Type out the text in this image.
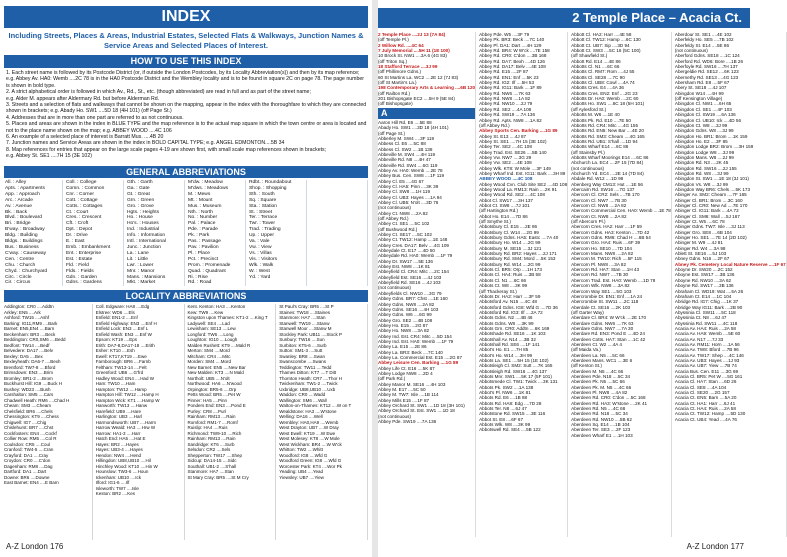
INDEX
Including Streets, Places & Areas, Industrial Estates, Selected Flats & Walkways, Junction Names & Service Areas and Selected Places of Interest.
HOW TO USE THIS INDEX
1. Each street name is followed by its Postcode District (or, if outside the London Postcodes, by its Locality Abbreviation(s)) and then by its map reference;
e.g. Abbey Av. HA0: Wemb ....2C 78 is in the HA0 Postcode District and the Wembley locality and is to be found in square 2C on page 78. The page number
is shown in bold type.
2. A strict alphabetical order is followed in which Av., Rd., St., etc. (though abbreviated) are read in full and as part of the street name;
e.g. Alder M. appears after Aldermary Rd. but before Alderman Rd.
3. Streets and a selection of flats and walkways that cannot be shown on the mapping, appear in the index with the thoroughfare to which they are connected
shown in brackets; e.g. Abady Ho. SW1 ....5D 18 (4H 101) (off Page St.)
4. Addresses that are in more than one part are referred to as not continuous.
5. Places and areas are shown in the index in BLUE TYPE and the map reference is to the actual map square in which the town centre or area is located and
not to the place name shown on the map; e.g. ABBEY WOOD ....4C 106
6. An example of a selected place of interest is Barratt Mus. ....4B 20
7. Junction names and Service Areas are shown in the index in BOLD CAPITAL TYPE; e.g. ANGEL EDMONTON....5B 34
8. Map references for entries that appear on the large scale pages 4-19 are shown first, with small scale map references shown in brackets;
e.g. Abbey St. SE1 ....7H 15 (3E 102)
GENERAL ABBREVIATIONS
All. : Alley
Apts. : Apartments
App. : Approach
Arc. : Arcade
Av. : Avenue
Bk. : Back
Blvd. : Boulevard
Bri. : Bridge
B'way. : Broadway
Bldg. : Building
Bldgs. : Buildings
Bus. : Business
C'way. : Causeway
Cen. : Centre
Chu. : Church
Chyd. : Churchyard
Circ. : Circle
Cir. : Circus
Coll. : College
Comn. : Common
Cnr. : Corner
Cott. : Cottage
Cotts. : Cottages
Ct. : Court
Cres. : Crescent
Cft. : Croft
Dpt. : Depot
Dr. : Drive
E. : East
Emb. : Embankment
Ent. : Enterprise
Est. : Estate
Fld. : Field
Flds. : Fields
Gdn. : Garden
Gdns. : Gardens
Gth. : Garth
Ga. : Gate
Gt. : Great
Grn. : Green
Gro. : Grove
Hgts. : Heights
Ho. : House
Ho's. : Houses
Ind. : Industrial
Info. : Information
Intl. : International
Junc. : Junction
La. : Lane
Lit. : Little
Lwr. : Lower
Mnr. : Manor
Mans. : Mansions
Mkt. : Market
M'dw. : Meadow
M'dws. : Meadows
M. : Mews
Mt. : Mount
Mus. : Museum
Nth. : North
No. : Number
Pal. : Palace
Pde. : Parade
Pk. : Park
Pas. : Passage
Pav. : Pavilion
Pl. : Place
Pct. : Precinct
Prom. : Promenade
Quad. : Quadrant
Ri. : Rise
Rd. : Road
Rdbt. : Roundabout
Shop. : Shopping
Sth. : South
Sq. : Square
Sta. : Station
St. : Street
Ter. : Terrace
Twr. : Tower
Trad. : Trading
Up. : Upper
Va. : Vale
Vw. : View
Vs. : Villas
Vis. : Visitors
Wlk. : Walk
W. : West
Yd. : Yard
LOCALITY ABBREVIATIONS
Addington: CR0 ....Addtn
Arkley: EN5 ....Ark
Ashford: TW15 ....Ashf
Barking: IG11,RM9 ....Bark
Barnet: EN5,EN4 ....Barn
Beckenham: BR3 ....Beck
Beddington: CR0,SM6 ....Bedd
Bedfont: TW14 ....Bedf
Belvedere: DA17 ....Belv
Bexley: DA5 ....Bex
Bexleyheath: DA6-7 ....Bexh
Brentford: TW7-8 ....Bford
Brimsdown: EN3 ....Brim
Bromley: BR1-2 ....Brom
Buckhurst Hill: IG9 ....Buck H
Bushey: WD23 ....Bush
Carshalton: SM5 ....Cars
Chadwell Heath: RM6 ....Chad H
Cheam: SM3 ....Cheam
Chelsfield: BR6 ....Chels
Chessington: KT9 ....Chess
Chigwell: IG7 ....Chig
Chislehurst: BR7 ....Chst
Cockfosters: EN4 ....Cockf
Collier Row: RM5 ....Col R
Coulsdon: CR5 ....Coul
Cranford: TW4-5 ....Cran
Crayford: DA1 ....Cray
Croydon: CR0 ....C'don
Dagenham: RM8 ....Dag
Dartford: DA1 ....Dart
Downe: BR6 ....Downe
East Barnet: EN4 ....E Barn
Coll. Edgware: HA8 ....Edg
Elstree: WD6 ....Els
Enfield: EN1-2 ....Enf
Enfield Highway: EN3 ....Enf H
Enfield Lock: EN3 ....Enf L
Enfield Wash: EN3 ....Enf W
Epsom: KT19 ....Eps
Erith: DA7-8,DA17-18 ....Erith
Esher: KT10 ....Esh
Ewell: KT17,KT19 ....Ewe
Farnborough: BR6 ....Farnb
Feltham: TW13-14 ....Felt
Greenford: UB6 ....G'frd
Hadley Wood: EN4 ....Had W
Ham: TW10 ....Ham
Hampton: TW12 ....Hamp
Hampton Hill: TW12 ....Hamp H
Hampton Wick: KT1 ....Hamp W
Hanworth: TW13 ....Hanw
Harefield: UB9 ....Hare
Harlington: UB3 ....Harl
Harmondsworth: UB7 ....Harm
Harrow Weald: HA3 ....Hrw W
Harrow: HA1-3 ....Harr
Hatch End: HA5 ....Hat E
Hayes: BR2 ....Hayes
Hayes: UB3-4 ....Hayes
Hendon: NW4 ....Hend
Hillingdon: UB8,UB10 ....Hil
Hinchley Wood: KT10 ....Hin W
Hounslow: TW3-6 ....Houn
Ickenham: UB10 ....Ick
Ilford: IG1-6 ....Ilf
Isleworth: TW7 ....Isle
Keston: BR2 ....Kes
Kent. Kenton: HA3 ....Kenton
Kew: TW9 ....Kew
Kingston upon Thames: KT1-2 ....King T
Ladywell: SE4 ....Lad
Lewisham: SE13 ....Lew
Longford: TW6 ....Long
Loughton: IG10 ....Lough
Malden Rushett: KT9 ....Mald R
Merton: SM4 ....Mord
Mitcham: CR4 ....Mitc
Morden: SM4 ....Mord
New Barnet: EN5 ....New Bar
New Malden: KT3 ....N Mald
Northolt: UB5 ....N'olt
Northwood: HA6 ....N'wood
Orpington: BR5-6 ....Orp
Petts Wood: BR5 ....Pet W
Pinner: HA5 ....Pinn
Ponders End: EN3 ....Pond E
Purley: CR8 ....Purl
Rainham: RM13 ....Rain
Romford: RM1-7 ....Romf
Ruislip: HA4 ....Ruis
Richmond: TW9-10 ....Rich
Rainham: RM13 ....Rain
Sandridge: KT6 ....Surb
Selsdon: CR2 ....Sels
Shepperton: TW17 ....Shep
Sidcup: DA14-15 ....Sidc
Southall: UB1-2 ....S'hall
Stanmore: HA7 ....Stan
St Mary Cray: BR5 ....St M Cry
St Paul's Cray: BR5 ....St P
Staines: TW18 ....Staines
Stanmore: HA7 ....Stan
Stanwell: TW19 ....Stanw
Stanwell Moor ....Stanw M
Stockley Park: UB11 ....Stock P
Sunbury: TW16 ....Sun
Surbiton: KT5-6 ....Surb
Sutton: SM1-3 ....Sutt
Swanley: BR8 ....Swan
Swanscombe ....Swans
Teddington: TW11 ....Tedd
Thames Ditton: KT7 ....T Ditt
Thornton Heath: CR7 ....Thor H
Twickenham: TW1-2 ....Twick
Uxbridge: UB8,UB10 ....Uxb
Waddon: CR0 ....Wadd
Wallington: SM6 ....Wall
Walton-on-Thames: KT12 ....W on T
Wealdstone: HA3 ....W'stone
Welling: DA16 ....Well
Wembley: HA0,HA9 ....Wemb
West Drayton: UB7 ....W Dray
West Ewell: KT19 ....W Ewe
West Molesey: KT8 ....W Mole
West Wickham: BR4 ....W W'ck
Whitton: TW2 ....Whitt
Woodford: IG8 ....Wfd G
Woodford Green: IG8 ....Wfd G
Worcester Park: KT4 ....Wor Pk
Yeading: UB4 ....Yead
Yiewsley: UB7 ....Yiew
A-Z London 176
2 Temple Place – Acacia Ct.
2 Temple Place ....2J 13 (7A 84)
(off Temple Pl.)
2 Willow Rd. ....4C 64
7 July Memorial ....5H 11 (1E 100)
10 Brock St. NW1 ....3A 6 (4G 83)
(off Triton Sq.)
18 Stafford Terrace ....3J 99
(off Phillimore Gdns.)
60 St Martins La. WC2 ....2E 12 (7J 83)
(off St Martin's La.)
198 Contemporary Arts & Learning ....6B 120
(off Railton Rd.)
201 Bishopsgate EC2 ....5H 9 (5E 84)
(off Bishopsgate)
A
Aaron Hill Rd. E6 ....5E 88
Abady Ho. SW1 ....3D 18 (4H 101)
(off Page St.)
Abberley M. SW4 ....3F 119
Abbess Cl. E6 ....5C 88
Abbess Cl. SW2 ....1B 138
Abbeville M. SW4 ....4H 119
Abbeville Rd. N8 ....4H 47
Abbeville Rd. SW4 ....6G 119
Abbey Av. HA0: Wemb ....2E 78
Abbey Bus. Cen. SW8 ....1F 119
Abbey Cl. E5 ....4G 67
Abbey Cl. HA5: Pinn ....3K 39
Abbey Cl. SW8 ....1H 119
Abbey Cl. UB3: Hayes ....1A 94
Abbey Cl. UB5: N'olt ....3D 76
(not continuous)
Abbey Ct. NW8 ....2A 82
(off Abbey Rd.)
Abbey Ct. SE1 ....5C 102
(off Bushwood Rd.)
Abbey Ct. SE17 ....5C 102
Abbey Ct. TW12: Hamp ....1E 148
Abbey Cres. DA17: Belv ....4G 109
Abbeydale Ct. E17 ....4D 50
Abbeydale Rd. HA0: Wemb ....1F 79
Abbey Dr. SW17 ....5E 136
Abbey Est. NW8 ....1K 81
Abbeyfield Cl. CR4: Mitc ....2C 154
Abbeyfield Est. SE16 ....4J 103
Abbeyfield Rd. SE16 ....4J 103
(not continuous)
Abbeyfields Cl. NW10 ....3G 79
Abbey Gdns. BR7: Chst ....1E 160
Abbey Gdns. NW8 ....2A 82
Abbey Gdns. SE16 ....4H 103
Abbey Gdns. W6 ....6G 99
Abbey Gro. SE2 ....4B 108
Abbey Ho. E15 ....2G 87
Abbey Ho. NW8 ....3A 82
Abbey Ind. Est. CR4: Mitc ....5D 154
Abbey Ind. Est. HA0: Wemb ....1F 79
Abbey La. E15 ....2E 86
Abbey La. BR3: Beck ....7C 140
Abbey La. Commercial Est. E15 ....2G 87
Abbey Leisure Cen. Barking ....1G 89
Abbey Life Ct. E16 ....5K 87
Abbey Lodge NW8 ....2D 4
(off Park Rd.)
Abbey Manor M. SE16 ....4H 103
Abbey M. E17 ....5C 50
Abbey M. TW7: Isle ....1B 114
Abbey Mills E15 ....1F 87
Abbey Orchard St. SW1 ....1D 18 (3H 101)
Abbey Orchard St. Est. SW1 ....1D 18
(not continuous)
Abbey Pde. SW19 ....7A 136
Abbey Pde. W5 ....3F 79
Abbey Pk. BR3: Beck ....7C 140
Abbey Pl. DA1: Dart ....4H 129
Abbey Rd. BR4: W W'ck ....7E 158
Abbey Rd. CR0: C'don ....3B 168
Abbey Rd. DA7: Bexh ....4D 126
Abbey Rd. DA17: Belv ....4E 108
Abbey Rd. E15 ....2F 87
Abbey Rd. EN1: Enf ....5K 23
Abbey Rd. IG2: Ilf ....5H 53
Abbey Rd. IG11: Bark ....1F 89
Abbey Rd. NW6 ....7K 63
Abbey Rd. NW8 ....1A 82
Abbey Rd. NW10 ....2J 79
Abbey Rd. SE2 ....4A 108
Abbey Rd. SW19 ....7A 136
Abbey Rd. Apts. NW8 ....1A 82
(off Abbey Rd.)
Abbey Sports Cen. Barking ....1G 89
Abbey St. E13 ....4J 87
Abbey St. SE1 ....7H 15 (3E 102)
Abbey Ter. SE2 ....4C 108
Abbey Trad. Est. SE26 ....5B 140
Abbey Vw. NW7 ....3G 29
Abbey Vw. SE2 ....4E 108
Abbey Wlk. KT8: W Mole ....3F 149
Abbey Wharf Ind. Est. IG11: Bark ....3H 89
ABBEY WOOD ....4C 108
Abbey Wood Cvn. Club Site SE2 ....4D 108
Abbey Wood La. RM13: Rain ....2K 91
Abbey Wood Rd. SE2 ....4C 108
Abbot Cl. SW17 ....3H 137
Abbot Ct. SW8 ....7J 101
(off Hartington Rd.)
Abbot Ho. E14 ....7D 86
(off Smythe St.)
Abbotsbury Cl. E15 ....2E 86
Abbotsbury Cl. W14 ....2G 99
Abbotsbury Gdns. HA5: Eastc ....7A 40
Abbotsbury Ho. W14 ....2G 99
Abbotsbury M. SE15 ....3J 121
Abbotsbury Rd. BR2: Hayes ....2J 171
Abbotsbury Rd. SM4: Mord ....5K 153
Abbotsbury Rd. W14 ....2G 99
Abbots Cl. BR5: Orp ....1H 173
Abbots Cl. HA4: Ruis ....3B 58
Abbots Cl. N1 ....6C 66
Abbots Ct. W8 ....3K 99
(off Thackeray St.)
Abbots Dr. HA2: Harr ....3F 59
Abbotsford Av. N15 ....4C 48
Abbotsford Gdns. IG8: Wfd G ....7D 36
Abbotsford Rd. IG3: Ilf ....2A 72
Abbots Gdns. N2 ....4B 46
Abbots Gdns. W8 ....3K 99
Abbots Grn. CR0: Addtn ....6K 169
Abbotshade Rd. SE16 ....1K 103
Abbotshall Av. N14 ....3B 32
Abbotshall Rd. SE6 ....1F 141
Abbot's Ho. E1 ....7H 85
Abbot's Ho. W14 ....3H 99
Abbots La. SE1 ....5H 15 (1E 102)
Abbotsleigh Cl. SM2: Sutt ....7K 165
Abbotsleigh Rd. SW16 ....4G 137
Abbots Mnr. SW1 ....5K 17 (5F 101)
Abbotsmede Cl. TW1: Twick ....3K 131
Abbots Pk. SW2 ....1A 138
Abbot's Pl. NW6 ....1K 81
Abbots Rd. E6 ....1B 88
Abbots Rd. HA8: Edg ....7D 28
Abbots Ter. N8 ....6J 47
Abbotstone Rd. SW15 ....3E 116
Abbot St. E8 ....6F 67
Abbots Wlk. W8 ....3K 99
Abbotswell Rd. SE4 ....5B 122
Abbott Cl. HA2: Harr ....4E 58
Abbott Cl. TW12: Hamp ....6C 130
Abbott Ct. UB7: Sip ....3D 94
Abbott Ct. SW3 ....5C 16 (5C 100)
(off Shawfield St.)
Abbott Rd. E14 ....4E 86
Abbotts Cl. N1 ....6C 66
Abbotts Cl. RM7: Rom ....4J 55
Abbotts Cl. SE28 ....7C 90
Abbotts Cl. UB8: Cowl ....4A 74
Abbotts Cres. E4 ....4A 36
Abbotts Cres. EN2: Enf ....2G 23
Abbotts Dr. HA0: Wemb ....2C 60
Abbotts Ho. SW1 ....6C 18 (5H 101)
(off Aylesford St.)
Abbotts M. W6 ....1E 40
Abbotts Pk. Rd. E10 ....7E 50
Abbotts Rd. CR4: Mitc ....4G 155
Abbotts Rd. EN5: New Bar ....4E 20
Abbotts Rd. SM3: Cheam ....4G 165
Abbotts Rd. UB1: S'hall ....1D 94
Abbotts Wharf E14 ....6C 86
(off Stainsby Pl.)
Abbotts Wharf Moorings E14 ....6C 86
Abchurch La. EC4 ....2F 15 (7D 84)
(not continuous)
Abchurch Yd. EC4 ....2E 14 (7D 84)
Abdale Rd. W12 ....1D 98
Abenberg Way CM13: Hut ....1E 56
Abercairn Rd. SW16 ....7G 137
Abercorn Cl. CR2: Sels ....7B 170
Abercorn Cl. NW7 ....7B 30
Abercorn Cl. NW8 ....2A 82
Abercorn Commercial Cen. HA0: Wemb ....1E 78
Abercorn Ct. NW8 ....2A 82
(off Abercorn Pl.)
Abercorn Cres. HA2: Harr ....1F 59
Abercorn Gdns. HA3: Kenton ....7D 42
Abercorn Gdns. RM6: Chad H ....6B 54
Abercorn Gro. HA4: Ruis ....6F 39
Abercorn Ho. SE10 ....7D 104
Abercorn Mans. NW8 ....2A 82
Abercorn M. TW10: Rich ....5F 115
Abercorn Pl. NW8 ....3A 82
Abercorn Rd. HA7: Stan ....1H 43
Abercorn Rd. NW7 ....7B 30
Abercorn Trad. Est. HA0: Wemb ....1D 78
Abercorn Wlk. NW8 ....3A 82
Abercorn Way SE1 ....5G 103
Abercrombie Dr. EN1: Enf ....1A 24
Abercrombie St. SW11 ....2C 118
Aberdale Ct. SE16 ....2K 103
(off Garter Way)
Aberdare Cl. BR4: W W'ck ....2E 170
Aberdare Gdns. NW6 ....7K 63
Aberdare Gdns. NW7 ....7A 30
Aberdare Rd. EN3: Pond E ....4D 24
Aberdeen Cotts. HA7: Stan ....1C 42
Aberdeen Ct. W2 ....4A 4
(off Maida Va.)
Aberdeen La. N5 ....5C 66
Aberdeen Mans. WC1 ....3E 6
(off Kenton St.)
Aberdeen M. N5 ....4C 66
Aberdeen Pde. N18 ....5C 34
Aberdeen Pk. N5 ....5C 66
Aberdeen Pk. M. N5 ....4C 66
Aberdeen Pl. NW8 ....4A 82
Aberdeen Rd. CR0: C'don ....5C 168
Aberdeen Rd. HA3: W'stone ....2K 41
Aberdeen Rd. N5 ....4C 66
Aberdeen Rd. N18 ....5C 34
Aberdeen Rd. NW10 ....5B 62
Aberdeen Sq. E14 ....1B 104
Aberdeen Ter. SE3 ....2F 123
Aberdeen Wharf E1 ....1H 103
Aberdour St. SE1 ....4E 102
Aberfeldy Ho. SE5 ....7B 102
Aberfeldy St. E14 ....5E 86
(not continuous)
Aberford Gdns. SE18 ....1C 124
Aberford Rd. WD6: Bore ....1B 26
Aberfoyle Rd. SW16 ....7H 137
Abergeldie Rd. SE12 ....6K 123
Abernethy Rd. SE13 ....4G 123
Abersham Rd. E8 ....5F 67
Abery St. SE18 ....4J 107
Abingdon W14 ....4H 99
(off Kensington Village)
Abingdon Cl. NW1 ....6H 65
Abingdon Cl. SE1 ....4F 103
Abingdon Cl. SW19 ....6A 136
Abingdon Cl. UB10: Ick ....4D 56
Abingdon Ct. W8 ....3J 99
Abingdon Gdns. W8 ....3J 99
Abingdon Ho. BR1: Brom ....1K 159
Abingdon Ho. E2 ....3F 85
Abingdon Lodge BR2: Brom ....3H 159
Abingdon Lodge W8 ....3J 99
Abingdon Mans. W8 ....2J 99
Abingdon Rd. N3 ....2K 45
Abingdon Rd. SW16 ....2J 155
Abingdon Rd. W8 ....3J 99
Abingdon St. SW1 ....1E 18 (3J 101)
Abingdon Vs. W8 ....3J 99
Abingdon Way BR6: Chels ....5K 173
Abinger Av. SM2: Cheam ....7F 165
Abinger Cl. BR1: Brom ....3C 160
Abinger Cl. CR0: New Ad ....7E 170
Abinger Cl. IG11: Bark ....4A 72
Abinger Cl. SM6: Wall ....5J 167
Abinger Ct. W5 ....6C 78
Abinger Gdns. TW7: Isle ....3J 113
Abinger Gro. SE8 ....6B 104
Abinger Ho. SE1 ....7E 14 (2D 102)
Abinger M. W9 ....4J 81
Abinger Rd. W4 ....3A 98
Ablett St. SE16 ....5J 103
Abney Gdns. N16 ....2F 67
Abney Pk. Cemetery Local Nature Reserve ....1F 67
Aboyne Dr. SW20 ....2C 152
Aboyne Est. SW17 ....3B 136
Aboyne Rd. NW10 ....3A 62
Aboyne Rd. SW17 ....3B 136
Abraham Cl. WD19: Wat ....5A 26
Abraham Ct. E14 ....1C 104
Abridge Rd. IG7: Chig ....1K 37
Abridge Way IG11: Bark ....2B 90
Abyssinia Cl. SW11 ....5C 118
Abyssinia Ct. N8 ....6J 47
Abyssinia Rd. SW11 ....4C 118
Acacia Av. HA4: Ruis ....2A 58
Acacia Av. HA9: Wemb ....5E 60
Acacia Av. N17 ....7J 33
Acacia Av. RM11: Horn ....1A 56
Acacia Av. TW8: Bford ....7B 96
Acacia Av. TW17: Shep ....4C 146
Acacia Av. UB3: Hayes ....1J 93
Acacia Av. UB7: Yiew ....7B 74
Acacia Bus. Cen. E11 ....3G 69
Acacia Cl. BR5: Pet W ....5G 161
Acacia Cl. HA7: Stan ....6D 26
Acacia Cl. SE8 ....4A 104
Acacia Cl. SE20 ....2G 157
Acacia Ct. EN5: Barn ....5A 20
Acacia Ct. HA1: Harr ....6J 41
Acacia Ct. HA4: Ruis ....2A 58
Acacia Ct. TW12: Hamp ....5D 130
Acacia Ct. UB4: Yead ....4A 76
A-Z London 177
